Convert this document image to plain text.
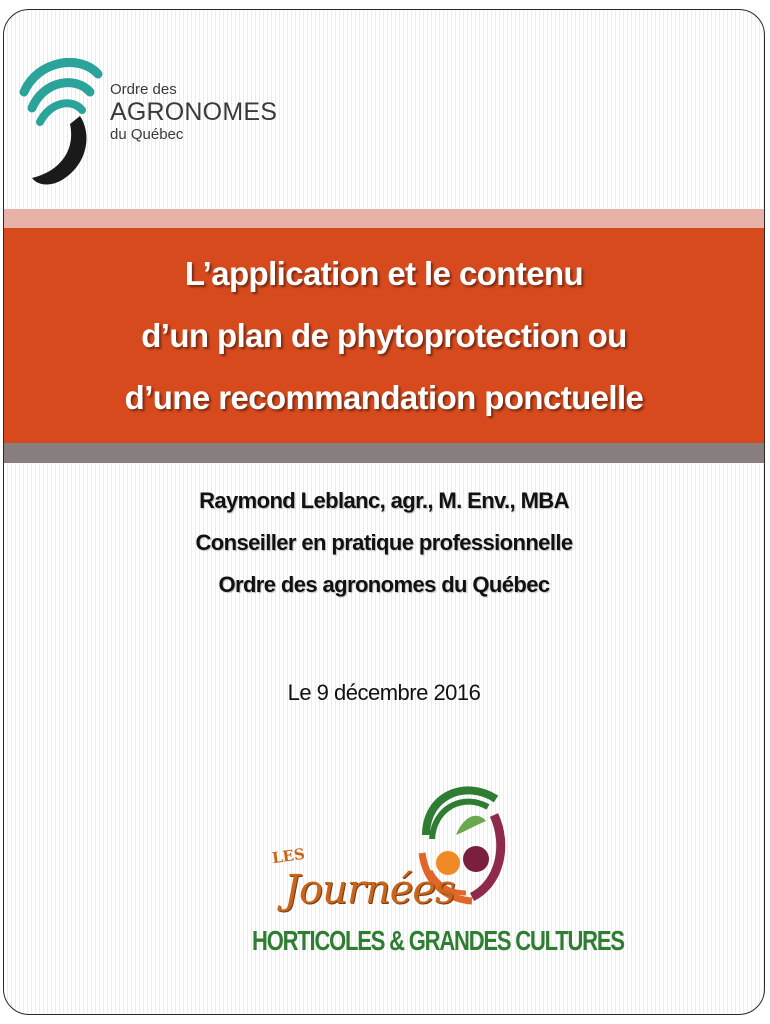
Ordre des
AGRONOMES
du Québec
L’application et le contenu
d’un plan de phytoprotection ou
d’une recommandation ponctuelle
Raymond Leblanc, agr., M. Env., MBA
Conseiller en pratique professionnelle
Ordre des agronomes du Québec
Le 9 décembre 2016
LES
Journées
HORTICOLES & GRANDES CULTURES
